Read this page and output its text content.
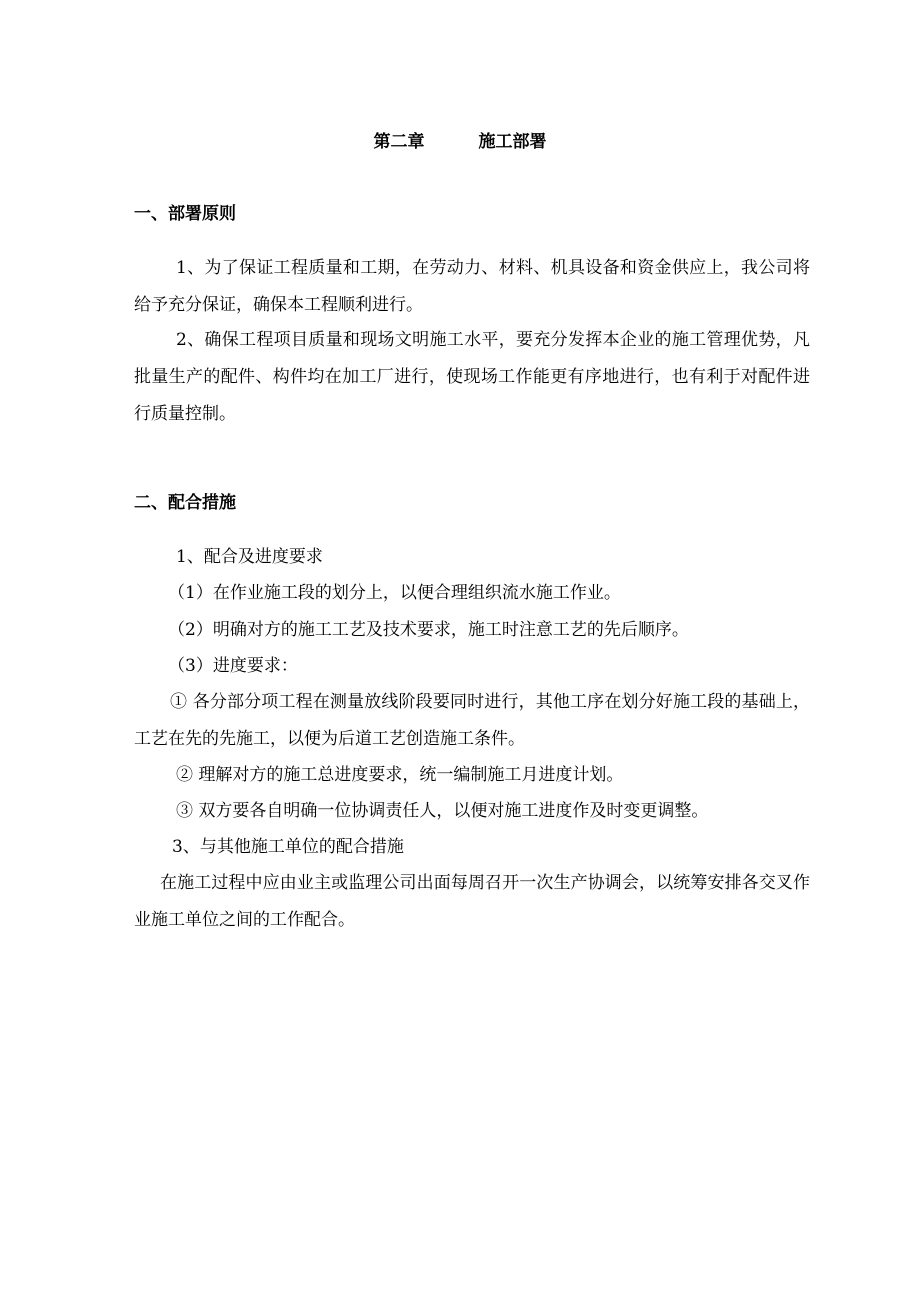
第二章	施工部署
一、部署原则
1、为了保证工程质量和工期，在劳动力、材料、机具设备和资金供应上，我公司将给予充分保证，确保本工程顺利进行。
2、确保工程项目质量和现场文明施工水平，要充分发挥本企业的施工管理优势，凡批量生产的配件、构件均在加工厂进行，使现场工作能更有序地进行，也有利于对配件进行质量控制。
二、配合措施
1、配合及进度要求
（1）在作业施工段的划分上，以便合理组织流水施工作业。
（2）明确对方的施工工艺及技术要求，施工时注意工艺的先后顺序。
（3）进度要求：
① 各分部分项工程在测量放线阶段要同时进行，其他工序在划分好施工段的基础上，工艺在先的先施工，以便为后道工艺创造施工条件。
② 理解对方的施工总进度要求，统一编制施工月进度计划。
③ 双方要各自明确一位协调责任人，以便对施工进度作及时变更调整。
3、与其他施工单位的配合措施
在施工过程中应由业主或监理公司出面每周召开一次生产协调会，以统筹安排各交叉作业施工单位之间的工作配合。
